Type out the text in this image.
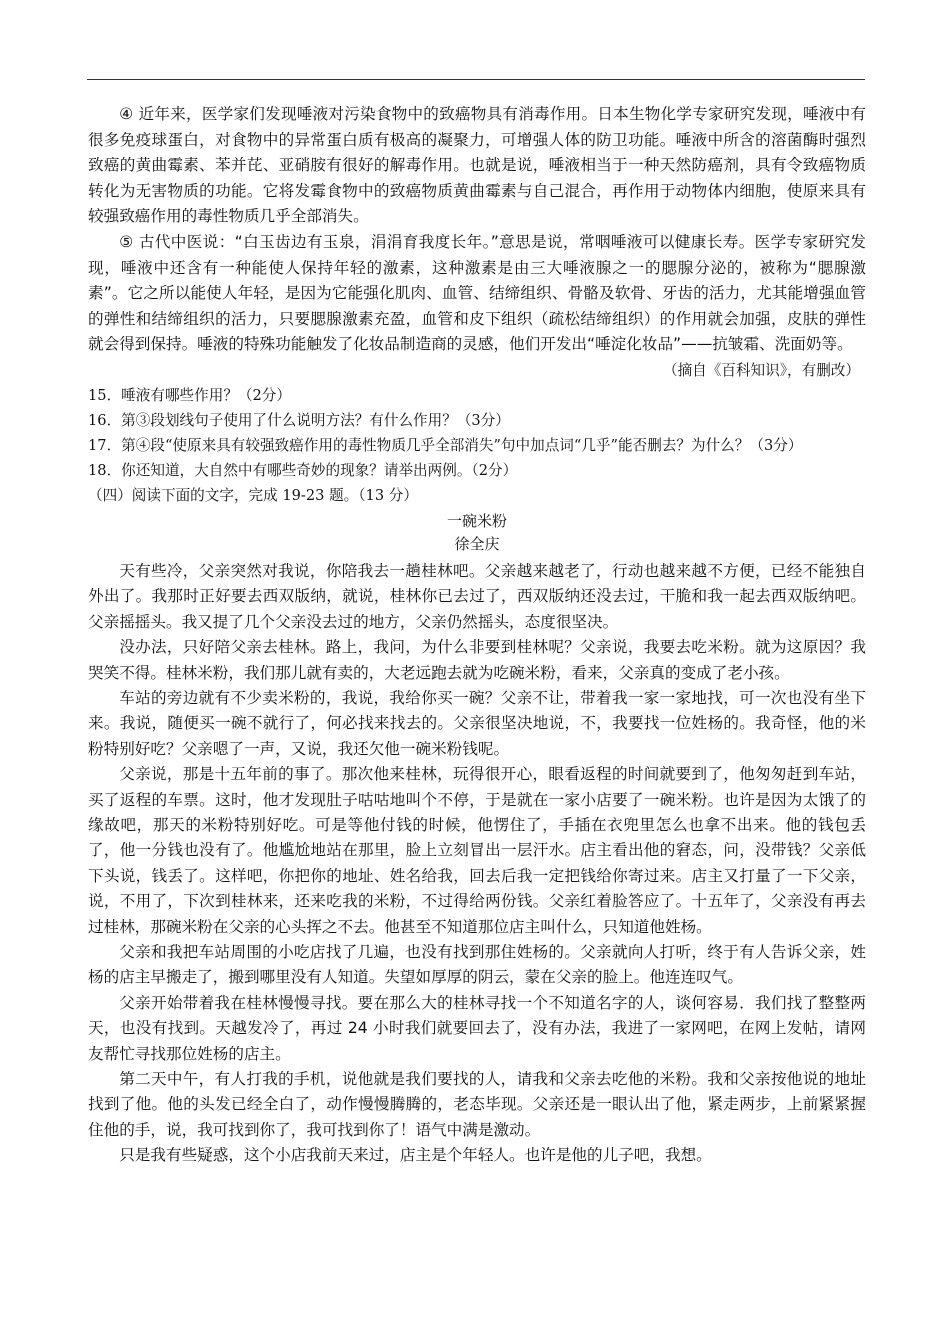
④ 近年来，医学家们发现唾液对污染食物中的致癌物具有消毒作用。日本生物化学专家研究发现，唾液中有很多免疫球蛋白，对食物中的异常蛋白质有极高的凝聚力，可增强人体的防卫功能。唾液中所含的溶菌酶时强烈致癌的黄曲霉素、苯并芘、亚硝胺有很好的解毒作用。也就是说，唾液相当于一种天然防癌剂，具有令致癌物质转化为无害物质的功能。它将发霉食物中的致癌物质黄曲霉素与自己混合，再作用于动物体内细胞，使原来具有较强致癌作用的毒性物质几乎全部消失。

⑤ 古代中医说：“白玉齿边有玉泉，涓涓育我度长年。”意思是说，常咽唾液可以健康长寿。医学专家研究发现，唾液中还含有一种能使人保持年轻的激素，这种激素是由三大唾液腺之一的腮腺分泌的，被称为“腮腺激素”。它之所以能使人年轻，是因为它能强化肌肉、血管、结缔组织、骨骼及软骨、牙齿的活力，尤其能增强血管的弹性和结缔组织的活力，只要腮腺激素充盈，血管和皮下组织（疏松结缔组织）的作用就会加强，皮肤的弹性就会得到保持。唾液的特殊功能触发了化妆品制造商的灵感，他们开发出“唾淀化妆品”——抗皱霜、洗面奶等。

（摘自《百科知识》，有删改）

15．唾液有哪些作用？（2分）

16．第③段划线句子使用了什么说明方法？有什么作用？（3分）

17．第④段“使原来具有较强致癌作用的毒性物质几乎全部消失”句中加点词“几乎”能否删去？为什么？（3分）

18．你还知道，大自然中有哪些奇妙的现象？请举出两例。（2分）

（四）阅读下面的文字，完成 19-23 题。（13 分）

一碗米粉

徐全庆

天有些冷，父亲突然对我说，你陪我去一趟桂林吧。父亲越来越老了，行动也越来越不方便，已经不能独自外出了。我那时正好要去西双版纳，就说，桂林你已去过了，西双版纳还没去过，干脆和我一起去西双版纳吧。父亲摇摇头。我又提了几个父亲没去过的地方，父亲仍然摇头，态度很坚决。

没办法，只好陪父亲去桂林。路上，我问，为什么非要到桂林呢？父亲说，我要去吃米粉。就为这原因？我哭笑不得。桂林米粉，我们那儿就有卖的，大老远跑去就为吃碗米粉，看来，父亲真的变成了老小孩。

车站的旁边就有不少卖米粉的，我说，我给你买一碗？父亲不让，带着我一家一家地找，可一次也没有坐下来。我说，随便买一碗不就行了，何必找来找去的。父亲很坚决地说，不，我要找一位姓杨的。我奇怪，他的米粉特别好吃？父亲嗯了一声，又说，我还欠他一碗米粉钱呢。

父亲说，那是十五年前的事了。那次他来桂林，玩得很开心，眼看返程的时间就要到了，他匆匆赶到车站，买了返程的车票。这时，他才发现肚子咕咕地叫个不停，于是就在一家小店要了一碗米粉。也许是因为太饿了的缘故吧，那天的米粉特别好吃。可是等他付钱的时候，他愣住了，手插在衣兜里怎么也拿不出来。他的钱包丢了，他一分钱也没有了。他尴尬地站在那里，脸上立刻冒出一层汗水。店主看出他的窘态，问，没带钱？父亲低下头说，钱丢了。这样吧，你把你的地址、姓名给我，回去后我一定把钱给你寄过来。店主又打量了一下父亲，说，不用了，下次到桂林来，还来吃我的米粉，不过得给两份钱。父亲红着脸答应了。十五年了，父亲没有再去过桂林，那碗米粉在父亲的心头挥之不去。他甚至不知道那位店主叫什么，只知道他姓杨。

父亲和我把车站周围的小吃店找了几遍，也没有找到那住姓杨的。父亲就向人打听，终于有人告诉父亲，姓杨的店主早搬走了，搬到哪里没有人知道。失望如厚厚的阴云，蒙在父亲的脸上。他连连叹气。

父亲开始带着我在桂林慢慢寻找。要在那么大的桂林寻找一个不知道名字的人，谈何容易．我们找了整整两天，也没有找到。天越发冷了，再过 24 小时我们就要回去了，没有办法，我进了一家网吧，在网上发帖，请网友帮忙寻找那位姓杨的店主。

第二天中午，有人打我的手机，说他就是我们要找的人，请我和父亲去吃他的米粉。我和父亲按他说的地址找到了他。他的头发已经全白了，动作慢慢腾腾的，老态毕现。父亲还是一眼认出了他，紧走两步，上前紧紧握住他的手，说，我可找到你了，我可找到你了！语气中满是激动。

只是我有些疑惑，这个小店我前天来过，店主是个年轻人。也许是他的儿子吧，我想。
